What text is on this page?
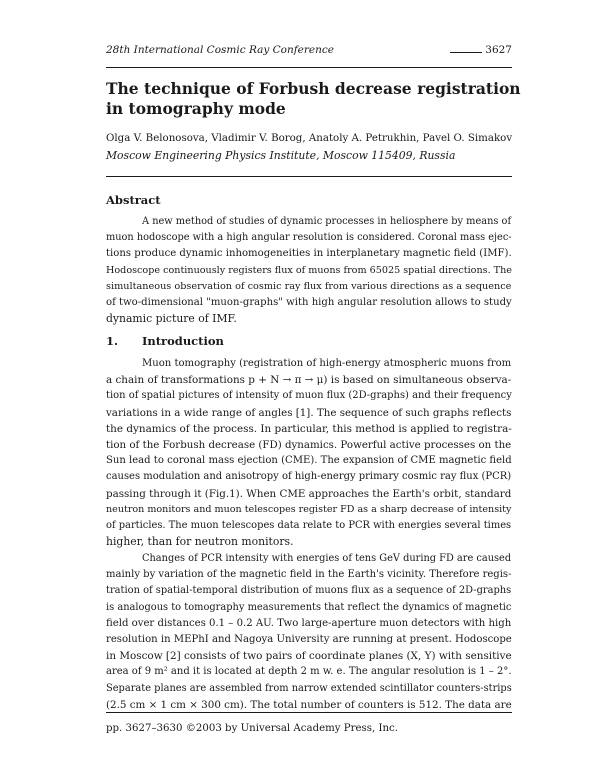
28th International Cosmic Ray Conference	3627
The technique of Forbush decrease registration
in tomography mode
Olga V. Belonosova, Vladimir V. Borog, Anatoly A. Petrukhin, Pavel O. Simakov
Moscow Engineering Physics Institute, Moscow 115409, Russia
Abstract
A new method of studies of dynamic processes in heliosphere by means of
muon hodoscope with a high angular resolution is considered. Coronal mass ejec-
tions produce dynamic inhomogeneities in interplanetary magnetic field (IMF).
Hodoscope continuously registers flux of muons from 65025 spatial directions. The
simultaneous observation of cosmic ray flux from various directions as a sequence
of two-dimensional "muon-graphs" with high angular resolution allows to study
dynamic picture of IMF.
1. Introduction
Muon tomography (registration of high-energy atmospheric muons from
a chain of transformations p + N → π → μ) is based on simultaneous observa-
tion of spatial pictures of intensity of muon flux (2D-graphs) and their frequency
variations in a wide range of angles [1]. The sequence of such graphs reflects
the dynamics of the process. In particular, this method is applied to registra-
tion of the Forbush decrease (FD) dynamics. Powerful active processes on the
Sun lead to coronal mass ejection (CME). The expansion of CME magnetic field
causes modulation and anisotropy of high-energy primary cosmic ray flux (PCR)
passing through it (Fig.1). When CME approaches the Earth's orbit, standard
neutron monitors and muon telescopes register FD as a sharp decrease of intensity
of particles. The muon telescopes data relate to PCR with energies several times
higher, than for neutron monitors.
Changes of PCR intensity with energies of tens GeV during FD are caused
mainly by variation of the magnetic field in the Earth's vicinity. Therefore regis-
tration of spatial-temporal distribution of muons flux as a sequence of 2D-graphs
is analogous to tomography measurements that reflect the dynamics of magnetic
field over distances 0.1 – 0.2 AU. Two large-aperture muon detectors with high
resolution in MEPhI and Nagoya University are running at present. Hodoscope
in Moscow [2] consists of two pairs of coordinate planes (X, Y) with sensitive
area of 9 m² and it is located at depth 2 m w. e. The angular resolution is 1 – 2°.
Separate planes are assembled from narrow extended scintillator counters-strips
(2.5 cm × 1 cm × 300 cm). The total number of counters is 512. The data are
pp. 3627–3630 ©2003 by Universal Academy Press, Inc.
